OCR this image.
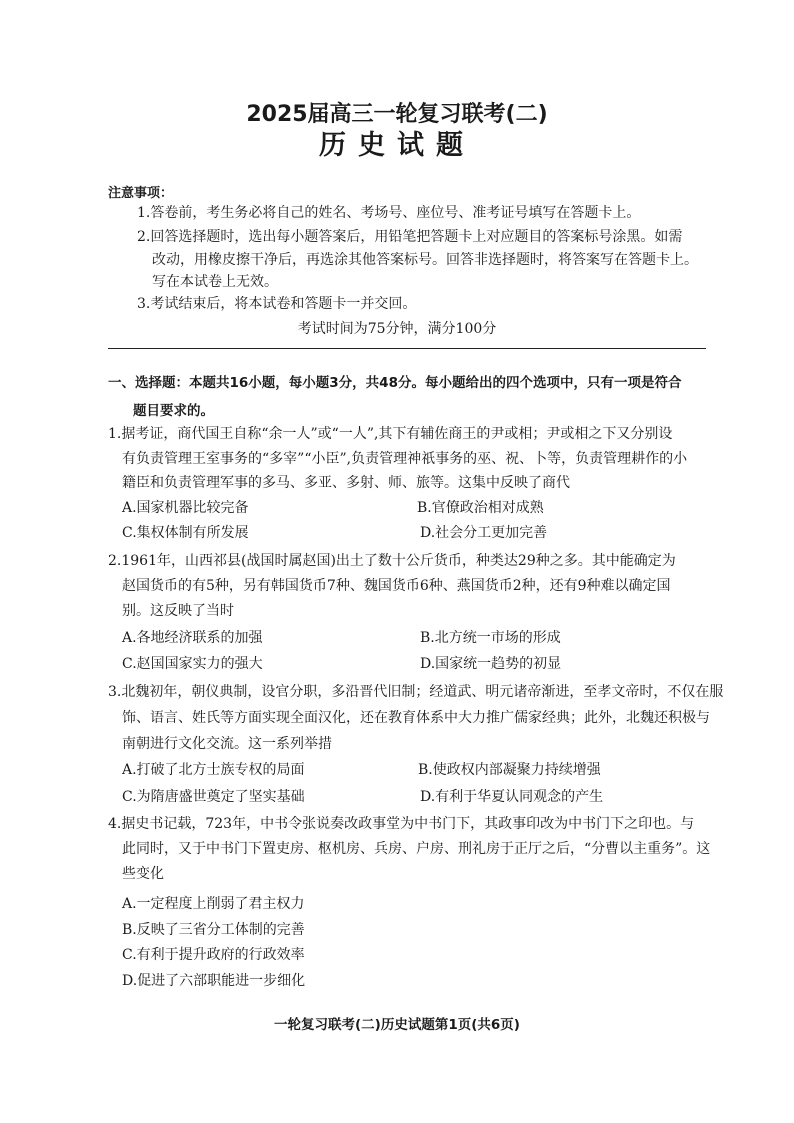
2025届高三一轮复习联考(二)
历史试题
注意事项：
1.答卷前，考生务必将自己的姓名、考场号、座位号、准考证号填写在答题卡上。
2.回答选择题时，选出每小题答案后，用铅笔把答题卡上对应题目的答案标号涂黑。如需
改动，用橡皮擦干净后，再选涂其他答案标号。回答非选择题时，将答案写在答题卡上。
写在本试卷上无效。
3.考试结束后，将本试卷和答题卡一并交回。
考试时间为75分钟，满分100分
一、选择题：本题共16小题，每小题3分，共48分。每小题给出的四个选项中，只有一项是符合
题目要求的。
1.据考证，商代国王自称“余一人”或“一人”,其下有辅佐商王的尹或相；尹或相之下又分别设
有负责管理王室事务的“多宰”“小臣”,负责管理神祇事务的巫、祝、卜等，负责管理耕作的小
籍臣和负责管理军事的多马、多亚、多射、师、旅等。这集中反映了商代
A.国家机器比较完备	B.官僚政治相对成熟
C.集权体制有所发展	D.社会分工更加完善
2.1961年，山西祁县(战国时属赵国)出土了数十公斤货币，种类达29种之多。其中能确定为
赵国货币的有5种，另有韩国货币7种、魏国货币6种、燕国货币2种，还有9种难以确定国
别。这反映了当时
A.各地经济联系的加强	B.北方统一市场的形成
C.赵国国家实力的强大	D.国家统一趋势的初显
3.北魏初年，朝仪典制，设官分职，多沿晋代旧制；经道武、明元诸帝渐进，至孝文帝时，不仅在服
饰、语言、姓氏等方面实现全面汉化，还在教育体系中大力推广儒家经典；此外，北魏还积极与
南朝进行文化交流。这一系列举措
A.打破了北方士族专权的局面	B.使政权内部凝聚力持续增强
C.为隋唐盛世奠定了坚实基础	D.有利于华夏认同观念的产生
4.据史书记载，723年，中书令张说奏改政事堂为中书门下，其政事印改为中书门下之印也。与
此同时，又于中书门下置吏房、枢机房、兵房、户房、刑礼房于正厅之后，“分曹以主重务”。这
些变化
A.一定程度上削弱了君主权力
B.反映了三省分工体制的完善
C.有利于提升政府的行政效率
D.促进了六部职能进一步细化
一轮复习联考(二)历史试题第1页(共6页)
